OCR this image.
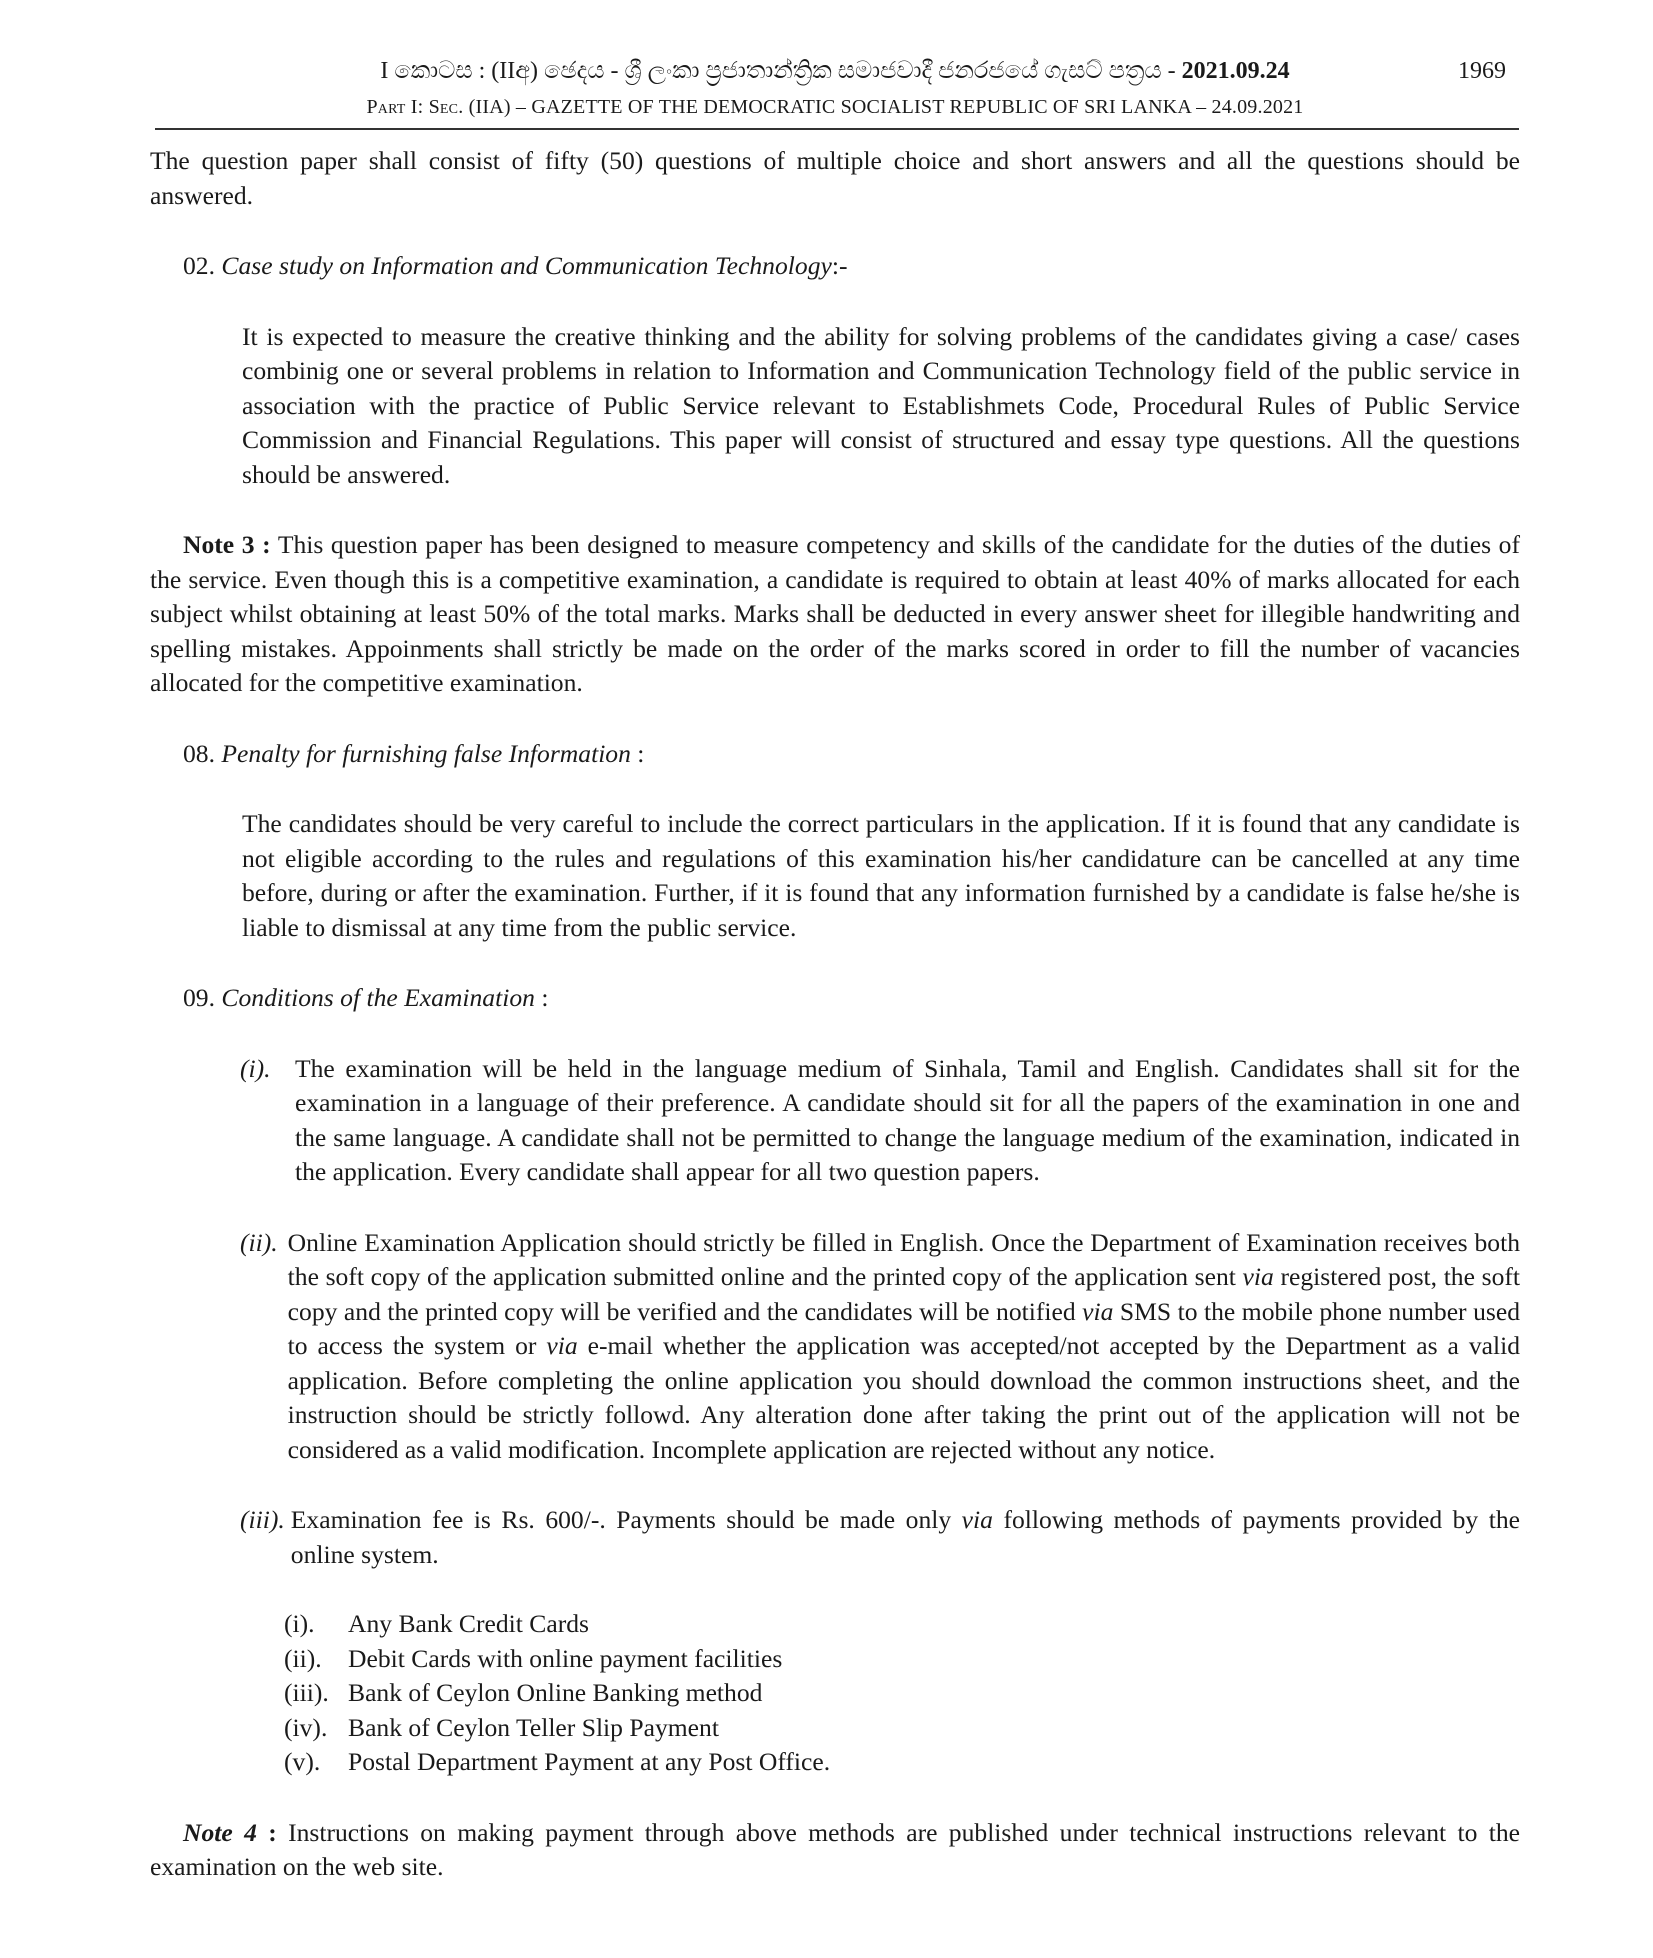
I කොටස : (IIඅ) ඡෙදය - ශ්‍රී ලංකා ප්‍රජාතාන්ත්‍රික සමාජවාදී ජනරජයේ ගැසට් පත්‍රය - 2021.09.24	1969
Part I: Sec. (IIA) – GAZETTE OF THE DEMOCRATIC SOCIALIST REPUBLIC OF SRI LANKA – 24.09.2021

The question paper shall consist of fifty (50) questions of multiple choice and short answers and all the questions should be answered.

02. Case study on Information and Communication Technology:-

It is expected to measure the creative thinking and the ability for solving problems of the candidates giving a case/ cases combinig one or several problems in relation to Information and Communication Technology field of the public service in association with the practice of Public Service relevant to Establishmets Code, Procedural Rules of Public Service Commission and Financial Regulations. This paper will consist of structured and essay type questions. All the questions should be answered.

Note 3 : This question paper has been designed to measure competency and skills of the candidate for the duties of the duties of the service. Even though this is a competitive examination, a candidate is required to obtain at least 40% of marks allocated for each subject whilst obtaining at least 50% of the total marks. Marks shall be deducted in every answer sheet for illegible handwriting and spelling mistakes. Appoinments shall strictly be made on the order of the marks scored in order to fill the number of vacancies allocated for the competitive examination.

08. Penalty for furnishing false Information :

The candidates should be very careful to include the correct particulars in the application. If it is found that any candidate is not eligible according to the rules and regulations of this examination his/her candidature can be cancelled at any time before, during or after the examination. Further, if it is found that any information furnished by a candidate is false he/she is liable to dismissal at any time from the public service.

09. Conditions of the Examination :

(i). The examination will be held in the language medium of Sinhala, Tamil and English. Candidates shall sit for the examination in a language of their preference. A candidate should sit for all the papers of the examination in one and the same language. A candidate shall not be permitted to change the language medium of the examination, indicated in the application. Every candidate shall appear for all two question papers.

(ii). Online Examination Application should strictly be filled in English. Once the Department of Examination receives both the soft copy of the application submitted online and the printed copy of the application sent via registered post, the soft copy and the printed copy will be verified and the candidates will be notified via SMS to the mobile phone number used to access the system or via e-mail whether the application was accepted/not accepted by the Department as a valid application. Before completing the online application you should download the common instructions sheet, and the instruction should be strictly followd. Any alteration done after taking the print out of the application will not be considered as a valid modification. Incomplete application are rejected without any notice.

(iii). Examination fee is Rs. 600/-. Payments should be made only via following methods of payments provided by the online system.

(i).	Any Bank Credit Cards
(ii).	Debit Cards with online payment facilities
(iii). Bank of Ceylon Online Banking method
(iv). Bank of Ceylon Teller Slip Payment
(v).	Postal Department Payment at any Post Office.

Note 4 : Instructions on making payment through above methods are published under technical instructions relevant to the examination on the web site.
